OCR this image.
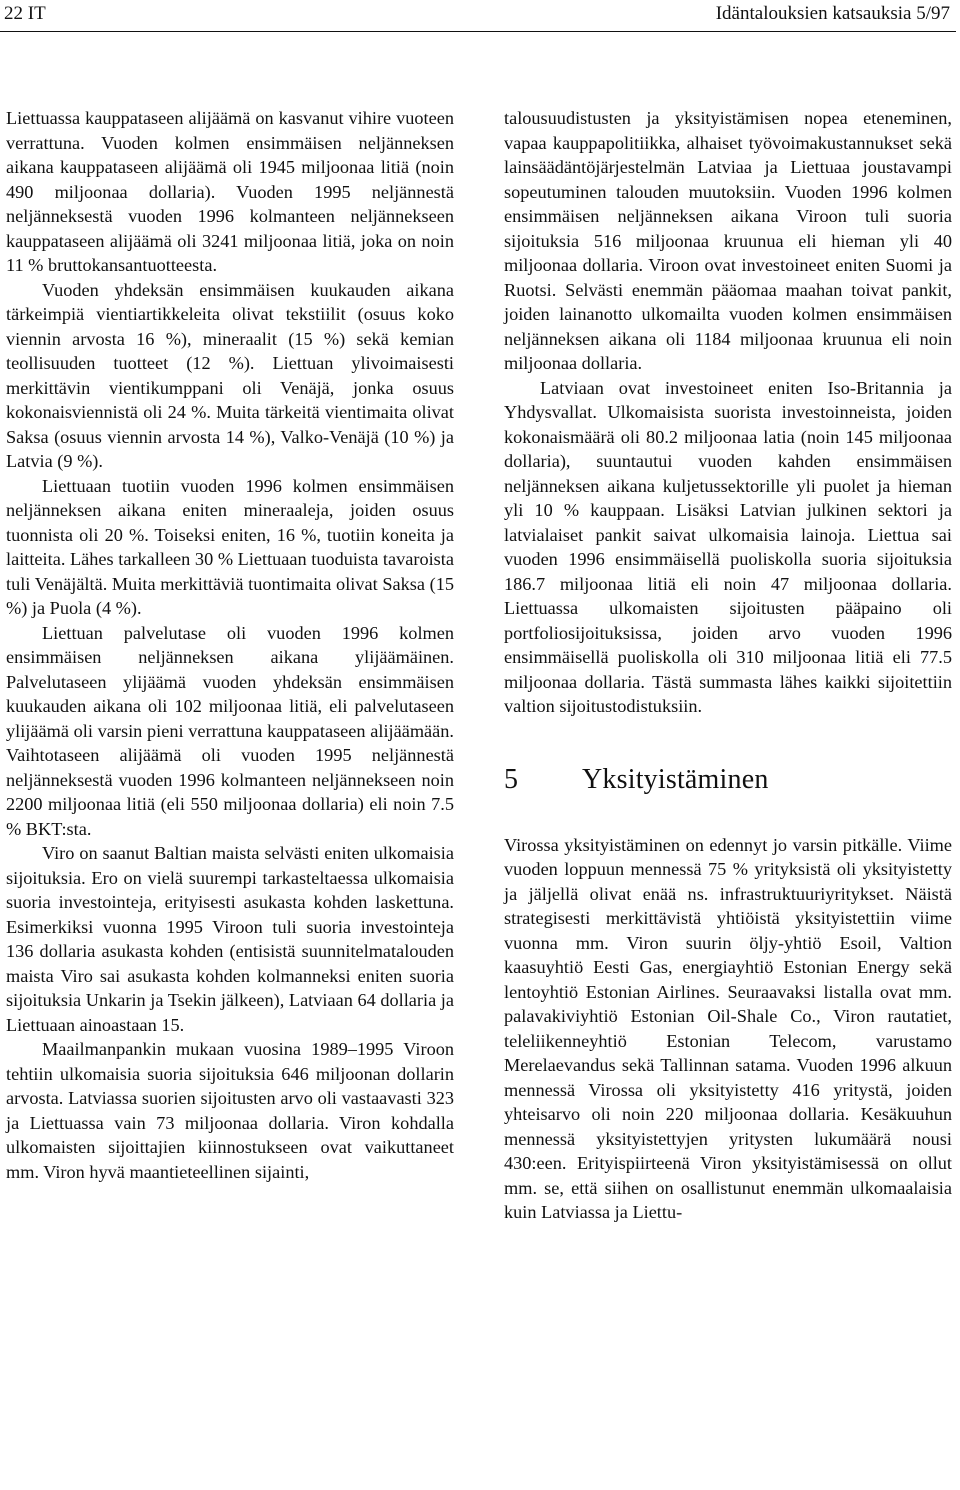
22 IT	Idäntalouksien katsauksia 5/97

Liettuassa kauppataseen alijäämä on kasvanut vihire vuoteen verrattuna. Vuoden kolmen ensimmäisen neljänneksen aikana kauppataseen alijäämä oli 1945 miljoonaa litiä (noin 490 miljoonaa dollaria). Vuoden 1995 neljännestä neljänneksestä vuoden 1996 kolmanteen neljännekseen kauppataseen alijäämä oli 3241 miljoonaa litiä, joka on noin 11 % bruttokansantuotteesta.

Vuoden yhdeksän ensimmäisen kuukauden aikana tärkeimpiä vientiartikkeleita olivat tekstiilit (osuus koko viennin arvosta 16 %), mineraalit (15 %) sekä kemian teollisuuden tuotteet (12 %). Liettuan ylivoimaisesti merkittävin vientikumppani oli Venäjä, jonka osuus kokonaisviennistä oli 24 %. Muita tärkeitä vientimaita olivat Saksa (osuus viennin arvosta 14 %), Valko-Venäjä (10 %) ja Latvia (9 %).

Liettuaan tuotiin vuoden 1996 kolmen ensimmäisen neljänneksen aikana eniten mineraaleja, joiden osuus tuonnista oli 20 %. Toiseksi eniten, 16 %, tuotiin koneita ja laitteita. Lähes tarkalleen 30 % Liettuaan tuoduista tavaroista tuli Venäjältä. Muita merkittäviä tuontimaita olivat Saksa (15 %) ja Puola (4 %).

Liettuan palvelutase oli vuoden 1996 kolmen ensimmäisen neljänneksen aikana ylijäämäinen. Palvelutaseen ylijäämä vuoden yhdeksän ensimmäisen kuukauden aikana oli 102 miljoonaa litiä, eli palvelutaseen ylijäämä oli varsin pieni verrattuna kauppataseen alijäämään. Vaihtotaseen alijäämä oli vuoden 1995 neljännestä neljänneksestä vuoden 1996 kolmanteen neljännekseen noin 2200 miljoonaa litiä (eli 550 miljoonaa dollaria) eli noin 7.5 % BKT:sta.

Viro on saanut Baltian maista selvästi eniten ulkomaisia sijoituksia. Ero on vielä suurempi tarkasteltaessa ulkomaisia suoria investointeja, erityisesti asukasta kohden laskettuna. Esimerkiksi vuonna 1995 Viroon tuli suoria investointeja 136 dollaria asukasta kohden (entisistä suunnitelmatalouden maista Viro sai asukasta kohden kolmanneksi eniten suoria sijoituksia Unkarin ja Tsekin jälkeen), Latviaan 64 dollaria ja Liettuaan ainoastaan 15.

Maailmanpankin mukaan vuosina 1989–1995 Viroon tehtiin ulkomaisia suoria sijoituksia 646 miljoonan dollarin arvosta. Latviassa suorien sijoitusten arvo oli vastaavasti 323 ja Liettuassa vain 73 miljoonaa dollaria. Viron kohdalla ulkomaisten sijoittajien kiinnostukseen ovat vaikuttaneet mm. Viron hyvä maantieteellinen sijainti,

talousuudistusten ja yksityistämisen nopea eteneminen, vapaa kauppapolitiikka, alhaiset työvoimakustannukset sekä lainsäädäntöjärjestelmän Latviaa ja Liettuaa joustavampi sopeutuminen talouden muutoksiin. Vuoden 1996 kolmen ensimmäisen neljänneksen aikana Viroon tuli suoria sijoituksia 516 miljoonaa kruunua eli hieman yli 40 miljoonaa dollaria. Viroon ovat investoineet eniten Suomi ja Ruotsi. Selvästi enemmän pääomaa maahan toivat pankit, joiden lainanotto ulkomailta vuoden kolmen ensimmäisen neljänneksen aikana oli 1184 miljoonaa kruunua eli noin miljoonaa dollaria.

Latviaan ovat investoineet eniten Iso-Britannia ja Yhdysvallat. Ulkomaisista suorista investoinneista, joiden kokonaismäärä oli 80.2 miljoonaa latia (noin 145 miljoonaa dollaria), suuntautui vuoden kahden ensimmäisen neljänneksen aikana kuljetussektorille yli puolet ja hieman yli 10 % kauppaan. Lisäksi Latvian julkinen sektori ja latvialaiset pankit saivat ulkomaisia lainoja. Liettua sai vuoden 1996 ensimmäisellä puoliskolla suoria sijoituksia 186.7 miljoonaa litiä eli noin 47 miljoonaa dollaria. Liettuassa ulkomaisten sijoitusten pääpaino oli portfoliosijoituksissa, joiden arvo vuoden 1996 ensimmäisellä puoliskolla oli 310 miljoonaa litiä eli 77.5 miljoonaa dollaria. Tästä summasta lähes kaikki sijoitettiin valtion sijoitustodistuksiin.

5	Yksityistäminen

Virossa yksityistäminen on edennyt jo varsin pitkälle. Viime vuoden loppuun mennessä 75 % yrityksistä oli yksityistetty ja jäljellä olivat enää ns. infrastruktuuriyritykset. Näistä strategisesti merkittävistä yhtiöistä yksityistettiin viime vuonna mm. Viron suurin öljy-yhtiö Esoil, Valtion kaasuyhtiö Eesti Gas, energiayhtiö Estonian Energy sekä lentoyhtiö Estonian Airlines. Seuraavaksi listalla ovat mm. palavakiviyhtiö Estonian Oil-Shale Co., Viron rautatiet, teleliikenneyhtiö Estonian Telecom, varustamo Merelaevandus sekä Tallinnan satama. Vuoden 1996 alkuun mennessä Virossa oli yksityistetty 416 yritystä, joiden yhteisarvo oli noin 220 miljoonaa dollaria. Kesäkuuhun mennessä yksityistettyjen yritysten lukumäärä nousi 430:een. Erityispiirteenä Viron yksityistämisessä on ollut mm. se, että siihen on osallistunut enemmän ulkomaalaisia kuin Latviassa ja Liettu-
